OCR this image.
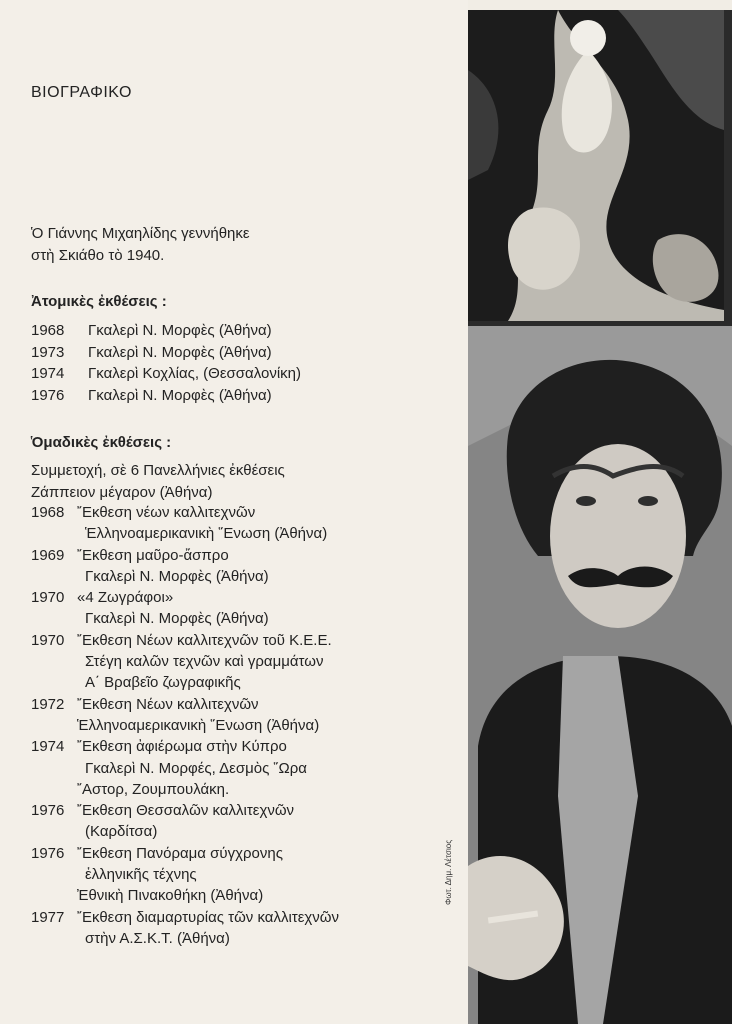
ΒΙΟΓΡΑΦΙΚΟ
Ὁ Γιάννης Μιχαηλίδης γεννήθηκε
στὴ Σκιάθο τὸ 1940.
Ἀτομικὲς ἐκθέσεις :
1968	Γκαλερὶ Ν. Μορφὲς (Ἀθήνα)
1973	Γκαλερὶ Ν. Μορφὲς (Ἀθήνα)
1974	Γκαλερὶ Κοχλίας, (Θεσσαλονίκη)
1976	Γκαλερὶ Ν. Μορφὲς (Ἀθήνα)
Ὁμαδικὲς ἐκθέσεις :
Συμμετοχή, σὲ 6 Πανελλήνιες ἐκθέσεις
Ζάππειον μέγαρον (Ἀθήνα)
1968 ῎Εκθεση νέων καλλιτεχνῶν
Ἑλληνοαμερικανικὴ ῞Ενωση (Ἀθήνα)
1969 ῎Εκθεση μαῦρο-ἄσπρο
Γκαλερὶ Ν. Μορφὲς (Ἀθήνα)
1970 «4 Ζωγράφοι»
Γκαλερὶ Ν. Μορφὲς (Ἀθήνα)
1970 ῎Εκθεση Νέων καλλιτεχνῶν τοῦ Κ.Ε.Ε.
Στέγη καλῶν τεχνῶν καὶ γραμμάτων
Α΄ Βραβεῖο ζωγραφικῆς
1972 ῎Εκθεση Νέων καλλιτεχνῶν
Ἑλληνοαμερικανικὴ ῞Ενωση (Ἀθήνα)
1974 ῎Εκθεση ἀφιέρωμα στὴν Κύπρο
Γκαλερὶ Ν. Μορφές, Δεσμὸς ῞Ωρα
῎Αστορ, Ζουμπουλάκη.
1976 ῎Εκθεση Θεσσαλῶν καλλιτεχνῶν
(Καρδίτσα)
1976 ῎Εκθεση Πανόραμα σύγχρονης
ἑλληνικῆς τέχνης
Ἐθνικὴ Πινακοθήκη (Ἀθήνα)
1977 ῎Εκθεση διαμαρτυρίας τῶν καλλιτεχνῶν
στὴν Α.Σ.Κ.Τ. (Ἀθήνα)
Φωτ. Δημ. Λέτσιος
